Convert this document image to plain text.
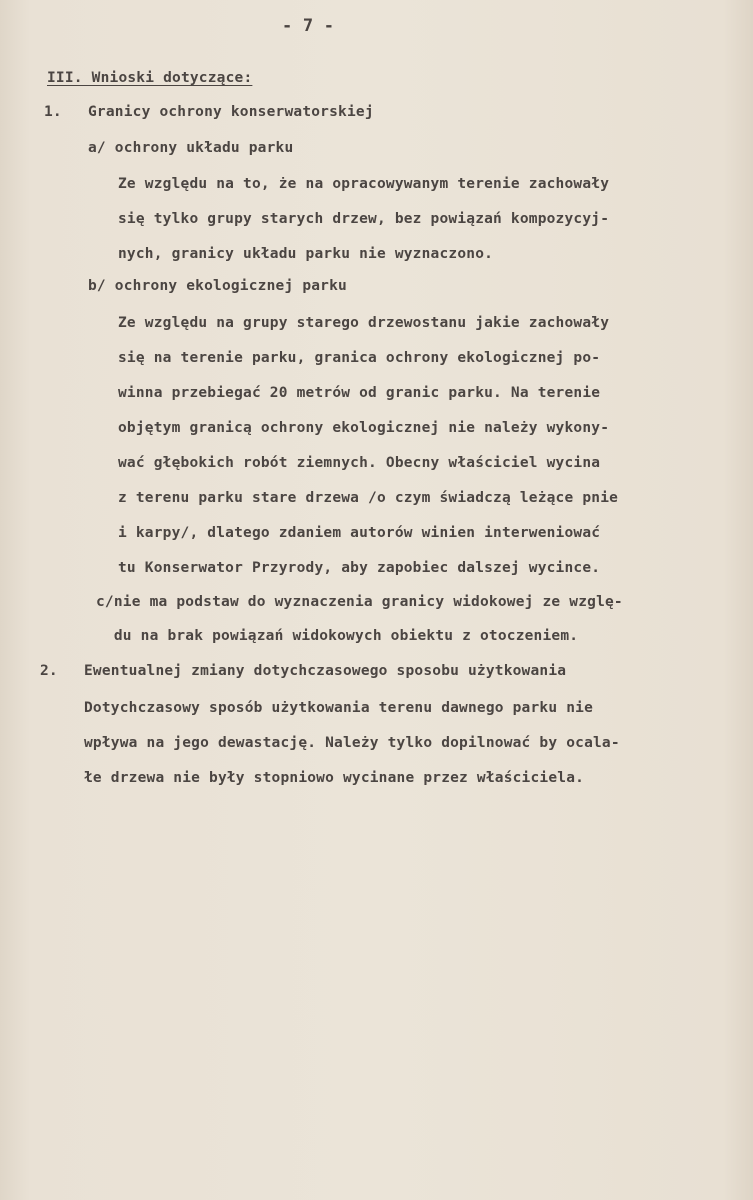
- 7 -
III. Wnioski dotyczące:
1. Granicy ochrony konserwatorskiej
a/ ochrony układu parku
Ze względu na to, że na opracowywanym terenie zachowały
się tylko grupy starych drzew, bez powiązań kompozycyj-
nych, granicy układu parku nie wyznaczono.
b/ ochrony ekologicznej parku
Ze względu na grupy starego drzewostanu jakie zachowały
się na terenie parku, granica ochrony ekologicznej po-
winna przebiegać 20 metrów od granic parku. Na terenie
objętym granicą ochrony ekologicznej nie należy wykony-
wać głębokich robót ziemnych. Obecny właściciel wycina
z terenu parku stare drzewa /o czym świadczą leżące pnie
i karpy/, dlatego zdaniem autorów winien interweniować
tu Konserwator Przyrody, aby zapobiec dalszej wycince.
c/nie ma podstaw do wyznaczenia granicy widokowej ze wzglę-
du na brak powiązań widokowych obiektu z otoczeniem.
2. Ewentualnej zmiany dotychczasowego sposobu użytkowania
Dotychczasowy sposób użytkowania terenu dawnego parku nie
wpływa na jego dewastację. Należy tylko dopilnować by ocala-
łe drzewa nie były stopniowo wycinane przez właściciela.
